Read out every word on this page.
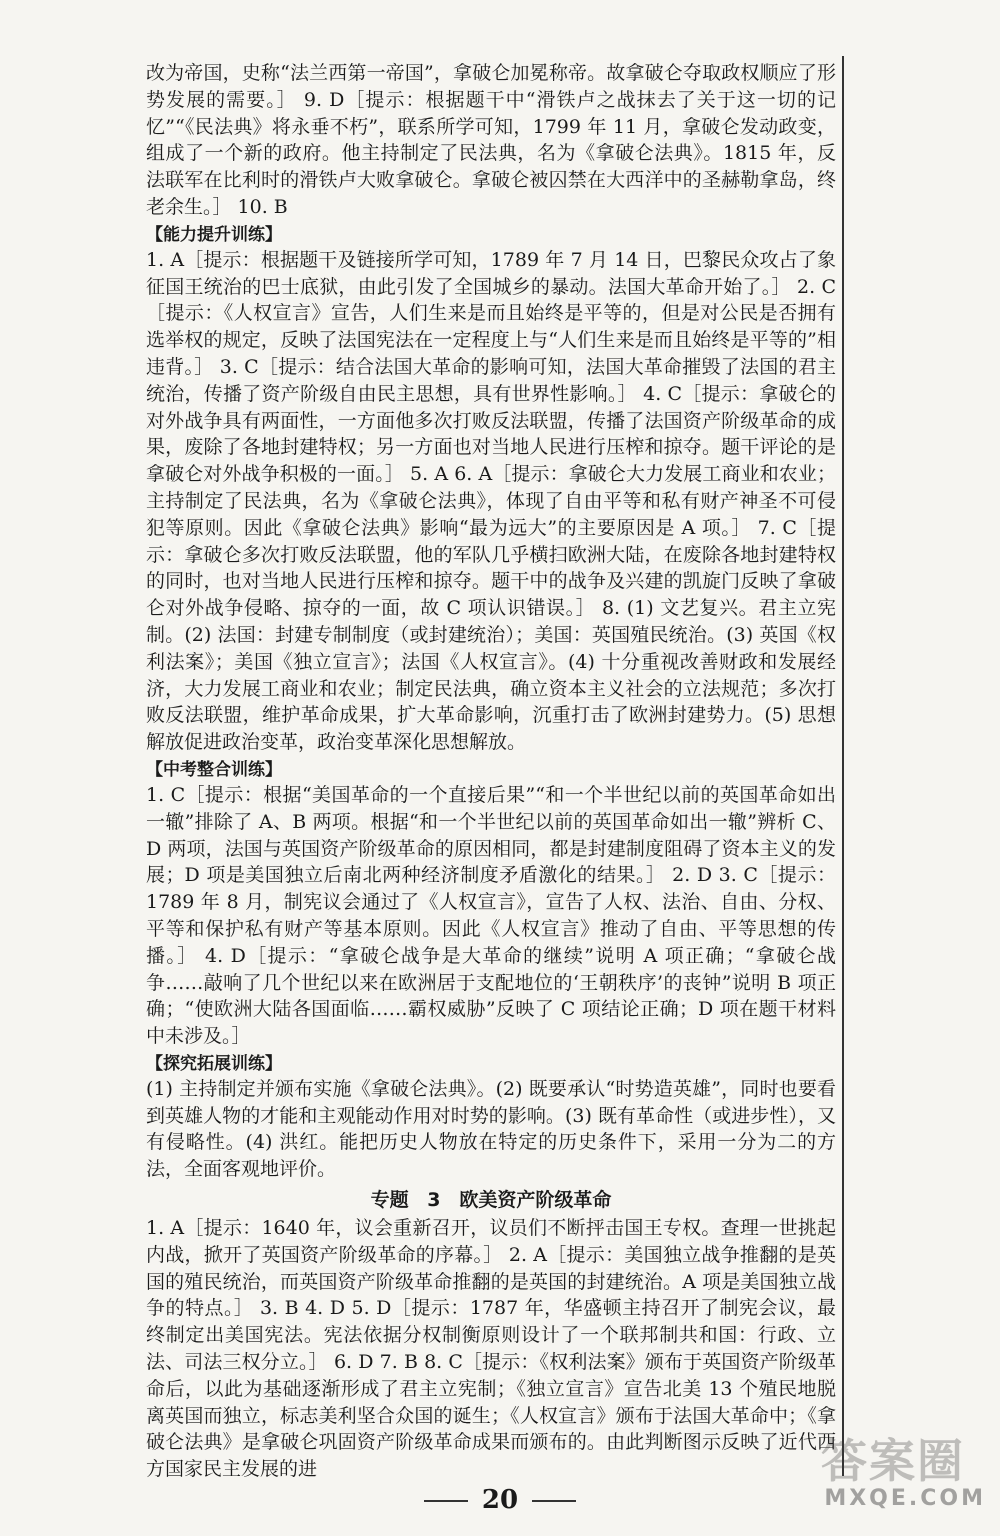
改为帝国，史称“法兰西第一帝国”，拿破仑加冕称帝。故拿破仑夺取政权顺应了形势发展的需要。］ 9. D［提示：根据题干中“滑铁卢之战抹去了关于这一切的记忆”“《民法典》将永垂不朽”，联系所学可知，1799 年 11 月，拿破仑发动政变，组成了一个新的政府。他主持制定了民法典，名为《拿破仑法典》。1815 年，反法联军在比利时的滑铁卢大败拿破仑。拿破仑被囚禁在大西洋中的圣赫勒拿岛，终老余生。］ 10. B

【能力提升训练】

1. A［提示：根据题干及链接所学可知，1789 年 7 月 14 日，巴黎民众攻占了象征国王统治的巴士底狱，由此引发了全国城乡的暴动。法国大革命开始了。］ 2. C［提示：《人权宣言》宣告，人们生来是而且始终是平等的，但是对公民是否拥有选举权的规定，反映了法国宪法在一定程度上与“人们生来是而且始终是平等的”相违背。］ 3. C［提示：结合法国大革命的影响可知，法国大革命摧毁了法国的君主统治，传播了资产阶级自由民主思想，具有世界性影响。］ 4. C［提示：拿破仑的对外战争具有两面性，一方面他多次打败反法联盟，传播了法国资产阶级革命的成果，废除了各地封建特权；另一方面也对当地人民进行压榨和掠夺。题干评论的是拿破仑对外战争积极的一面。］ 5. A 6. A［提示：拿破仑大力发展工商业和农业；主持制定了民法典，名为《拿破仑法典》，体现了自由平等和私有财产神圣不可侵犯等原则。因此《拿破仑法典》影响“最为远大”的主要原因是 A 项。］ 7. C［提示：拿破仑多次打败反法联盟，他的军队几乎横扫欧洲大陆，在废除各地封建特权的同时，也对当地人民进行压榨和掠夺。题干中的战争及兴建的凯旋门反映了拿破仑对外战争侵略、掠夺的一面，故 C 项认识错误。］ 8. (1) 文艺复兴。君主立宪制。(2) 法国：封建专制制度（或封建统治）；美国：英国殖民统治。(3) 英国《权利法案》；美国《独立宣言》；法国《人权宣言》。(4) 十分重视改善财政和发展经济，大力发展工商业和农业；制定民法典，确立资本主义社会的立法规范；多次打败反法联盟，维护革命成果，扩大革命影响，沉重打击了欧洲封建势力。(5) 思想解放促进政治变革，政治变革深化思想解放。

【中考整合训练】

1. C［提示：根据“美国革命的一个直接后果”“和一个半世纪以前的英国革命如出一辙”排除了 A、B 两项。根据“和一个半世纪以前的英国革命如出一辙”辨析 C、D 两项，法国与英国资产阶级革命的原因相同，都是封建制度阻碍了资本主义的发展；D 项是美国独立后南北两种经济制度矛盾激化的结果。］ 2. D 3. C［提示：1789 年 8 月，制宪议会通过了《人权宣言》，宣告了人权、法治、自由、分权、平等和保护私有财产等基本原则。因此《人权宣言》推动了自由、平等思想的传播。］ 4. D［提示：“拿破仑战争是大革命的继续”说明 A 项正确；“拿破仑战争……敲响了几个世纪以来在欧洲居于支配地位的‘王朝秩序’的丧钟”说明 B 项正确；“使欧洲大陆各国面临……霸权威胁”反映了 C 项结论正确；D 项在题干材料中未涉及。］

【探究拓展训练】

(1) 主持制定并颁布实施《拿破仑法典》。(2) 既要承认“时势造英雄”，同时也要看到英雄人物的才能和主观能动作用对时势的影响。(3) 既有革命性（或进步性），又有侵略性。(4) 洪红。能把历史人物放在特定的历史条件下，采用一分为二的方法，全面客观地评价。

专题 3　欧美资产阶级革命

1. A［提示：1640 年，议会重新召开，议员们不断抨击国王专权。查理一世挑起内战，掀开了英国资产阶级革命的序幕。］ 2. A［提示：美国独立战争推翻的是英国的殖民统治，而英国资产阶级革命推翻的是英国的封建统治。A 项是美国独立战争的特点。］ 3. B 4. D 5. D［提示：1787 年，华盛顿主持召开了制宪会议，最终制定出美国宪法。宪法依据分权制衡原则设计了一个联邦制共和国：行政、立法、司法三权分立。］ 6. D 7. B 8. C［提示：《权利法案》颁布于英国资产阶级革命后，以此为基础逐渐形成了君主立宪制；《独立宣言》宣告北美 13 个殖民地脱离英国而独立，标志美利坚合众国的诞生；《人权宣言》颁布于法国大革命中；《拿破仑法典》是拿破仑巩固资产阶级革命成果而颁布的。由此判断图示反映了近代西方国家民主发展的进

20
答案圈
MXQE.COM
